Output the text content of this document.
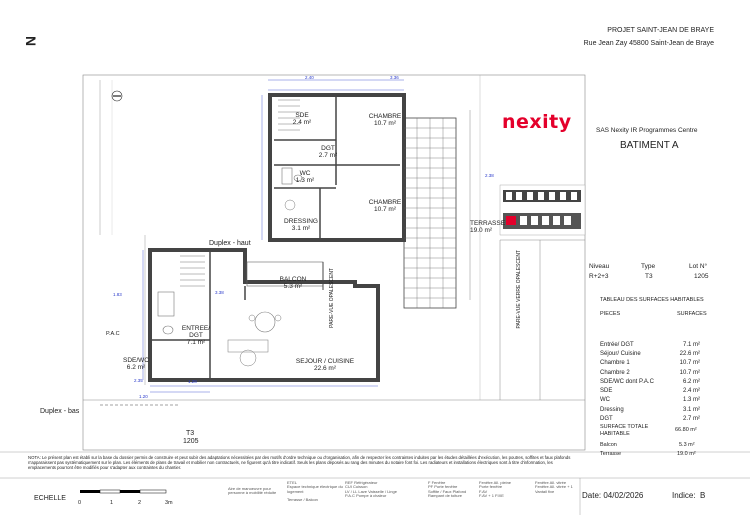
N
PROJET SAINT-JEAN DE BRAYE
Rue Jean Zay 45800 Saint-Jean de Braye
SDE
2.4 m²
CHAMBRE
10.7 m²
DGT
2.7 m²
WC
1.3 m²
CHAMBRE
10.7 m²
DRESSING
3.1 m²
TERRASSE
19.0 m²
Duplex - haut
Duplex - bas
P.A.C
BALCON
5.3 m²
ENTREE/ DGT
7.1 m²
SDE/WC
6.2 m²
SEJOUR / CUISINE
22.6 m²
PARE-VUE OPALESCENT	PARE-VUE VERRE OPALESCENT
2.40	3.36
1.28
2.35
1.20
2.38
1.83	3.38
T3
1205
nexity	SAS Nexity IR Programmes Centre
BATIMENT A
Niveau	Type	Lot N°
R+2+3	T3	1205
TABLEAU DES SURFACES HABITABLES
PIECES	SURFACES
Entrée/ DGT	7.1 m²
Séjour/ Cuisine	22.6 m²
Chambre 1	10.7 m²
Chambre 2	10.7 m²
SDE/WC dont P.A.C	6.2 m²
SDE	2.4 m²
WC	1.3 m²
Dressing	3.1 m²
DGT	2.7 m²
SURFACE TOTALE HABITABLE
66.80 m²
Balcon	5.3 m²
Terrasse	19.0 m²
NOTA: Le présent plan est établi sur la base du dossier permis de construire et peut subir des adaptations nécessitées par des motifs d'ordre technique ou d'organisation, afin de respecter les contraintes induites par les études détaillées d'exécution, les poutres, soffites et faux plafonds n'apparaissent pas systématiquement sur le plan. Les éléments de plans de travail et mobilier non contractuels, ne figurent qu'à titre indicatif. Seuls les plans déposés au rang des minutes du notaire font foi. Les radiateurs et installations électriques sont à titre d'information, les emplacements pourront être modifiés pour s'adapter aux contraintes du chantier.
Aire de manoeuvre pour personne à mobilité réduite
ETEL
Espace technique électrique du logement
Terrasse / Balcon
REF Réfrigérateur
CUI Cuisson
LV / LL Lave Vaisselle / Linge
P.A.C Pompe à chaleur
F Fenêtre
PF Porte fenêtre
Soffite / Faux Plafond
Rampant de toiture
Fenêtre All. pleine
Porte fenêtre
F.AV
F.AV + 1 FIXE
Fenêtre All. vitrée
Fenêtre All. vitrée + 1 Vantail fixe
ECHELLE
0	1	2	3m
Date: 04/02/2026	Indice: B
